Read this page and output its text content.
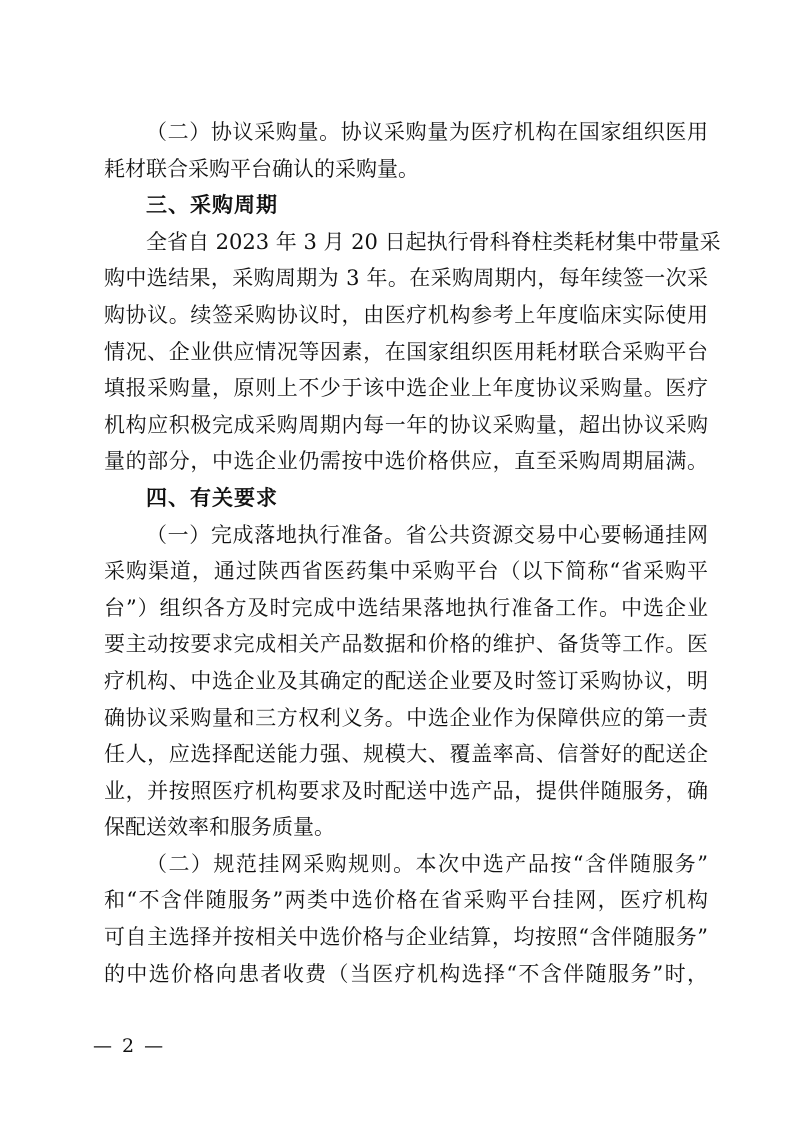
（二）协议采购量。协议采购量为医疗机构在国家组织医用
耗材联合采购平台确认的采购量。
三、采购周期
全省自 2023 年 3 月 20 日起执行骨科脊柱类耗材集中带量采
购中选结果，采购周期为 3 年。在采购周期内，每年续签一次采
购协议。续签采购协议时，由医疗机构参考上年度临床实际使用
情况、企业供应情况等因素，在国家组织医用耗材联合采购平台
填报采购量，原则上不少于该中选企业上年度协议采购量。医疗
机构应积极完成采购周期内每一年的协议采购量，超出协议采购
量的部分，中选企业仍需按中选价格供应，直至采购周期届满。
四、有关要求
（一）完成落地执行准备。省公共资源交易中心要畅通挂网
采购渠道，通过陕西省医药集中采购平台（以下简称“省采购平
台”）组织各方及时完成中选结果落地执行准备工作。中选企业
要主动按要求完成相关产品数据和价格的维护、备货等工作。医
疗机构、中选企业及其确定的配送企业要及时签订采购协议，明
确协议采购量和三方权利义务。中选企业作为保障供应的第一责
任人，应选择配送能力强、规模大、覆盖率高、信誉好的配送企
业，并按照医疗机构要求及时配送中选产品，提供伴随服务，确
保配送效率和服务质量。
（二）规范挂网采购规则。本次中选产品按“含伴随服务”
和“不含伴随服务”两类中选价格在省采购平台挂网，医疗机构
可自主选择并按相关中选价格与企业结算，均按照“含伴随服务”
的中选价格向患者收费（当医疗机构选择“不含伴随服务”时，
— 2 —
